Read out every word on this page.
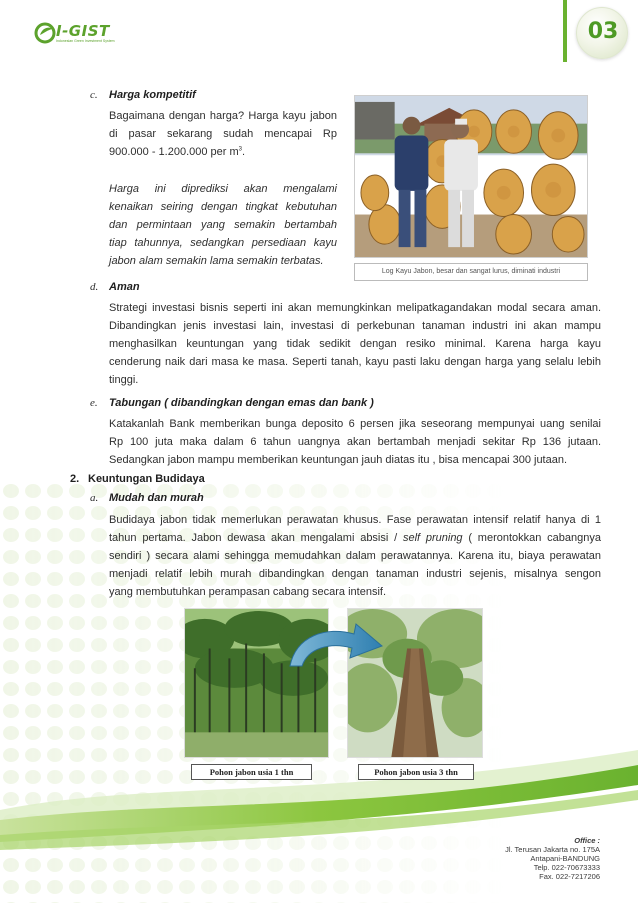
I-GIST
Indonesian Green Investment System	03
c. Harga kompetitif

Bagaimana dengan harga? Harga kayu jabon

di pasar sekarang sudah mencapai Rp

900.000 - 1.200.000 per $m^3$.

Harga ini diprediksi akan mengalami

kenaikan seiring dengan tingkat kebutuhan

dan permintaan yang semakin bertambah

tiap tahunnya, sedangkan persediaan kayu

jabon alam semakin lama semakin terbatas.

Log Kayu Jabon, besar dan sangat lurus, diminati industri
d. Aman

Strategi investasi bisnis seperti ini akan memungkinkan melipatkagandakan modal secara aman.

Dibandingkan jenis investasi lain, investasi di perkebunan tanaman industri ini akan mampu

menghasilkan keuntungan yang tidak sedikit dengan resiko minimal. Karena harga kayu

cenderung naik dari masa ke masa. Seperti tanah, kayu pasti laku dengan harga yang selalu lebih

tinggi.

e. Tabungan ( dibandingkan dengan emas dan bank )

Katakanlah Bank memberikan bunga deposito 6 persen jika seseorang mempunyai uang senilai

Rp 100 juta maka dalam 6 tahun uangnya akan bertambah menjadi sekitar Rp 136 jutaan.

Sedangkan jabon mampu memberikan keuntungan jauh diatas itu , bisa mencapai 300 jutaan.

2. Keuntungan Budidaya
a. Mudah dan murah

Budidaya jabon tidak memerlukan perawatan khusus. Fase perawatan intensif relatif hanya di 1

tahun pertama. Jabon dewasa akan mengalami absisi / self pruning ( merontokkan cabangnya

sendiri ) secara alami sehingga memudahkan dalam perawatannya. Karena itu, biaya perawatan

menjadi relatif lebih murah dibandingkan dengan tanaman industri sejenis, misalnya sengon

yang membutuhkan perampasan cabang secara intensif.

Pohon jabon usia 1 thn	Pohon jabon usia 3 thn
Office :
Jl. Terusan Jakarta no. 175A
Antapani-BANDUNG
Telp. 022-70673333
Fax. 022-7217206
